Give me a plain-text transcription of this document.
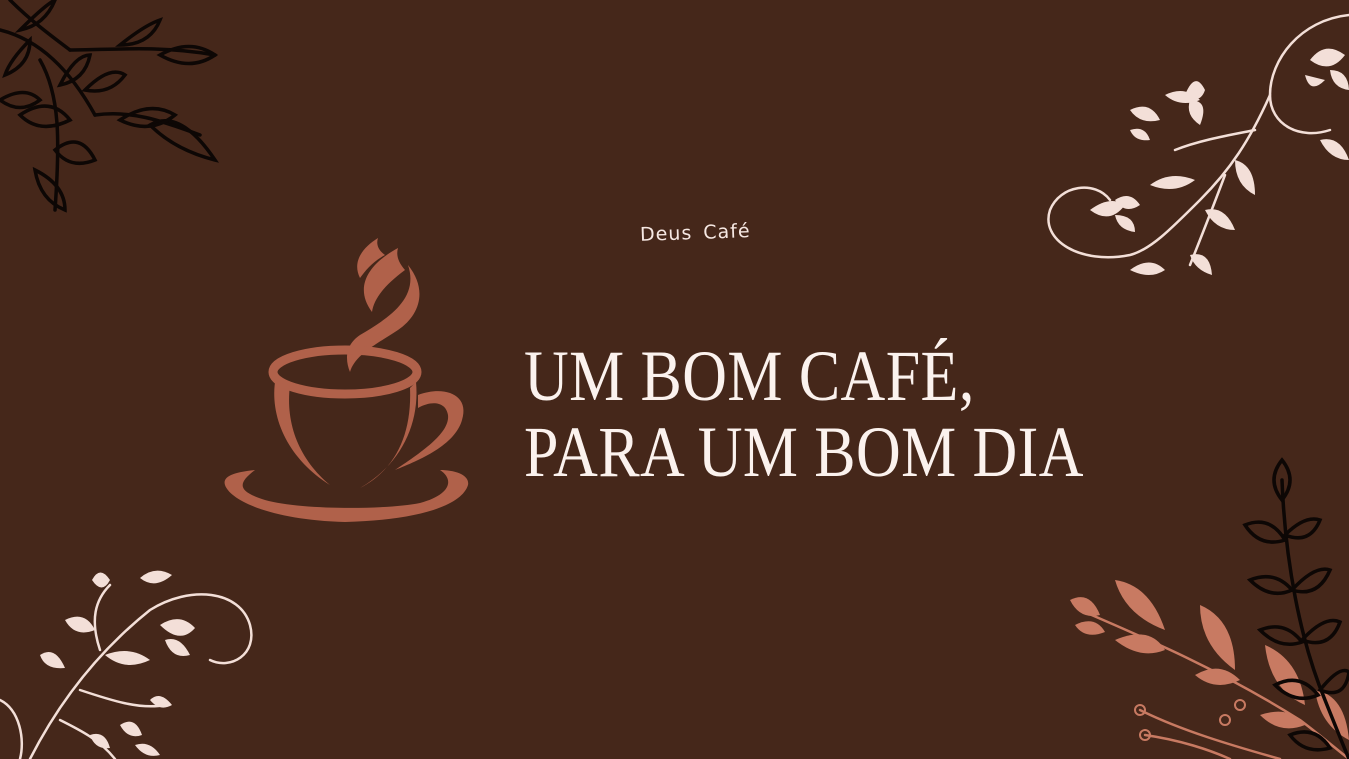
Deus Café
UM BOM CAFÉ,
PARA UM BOM DIA
